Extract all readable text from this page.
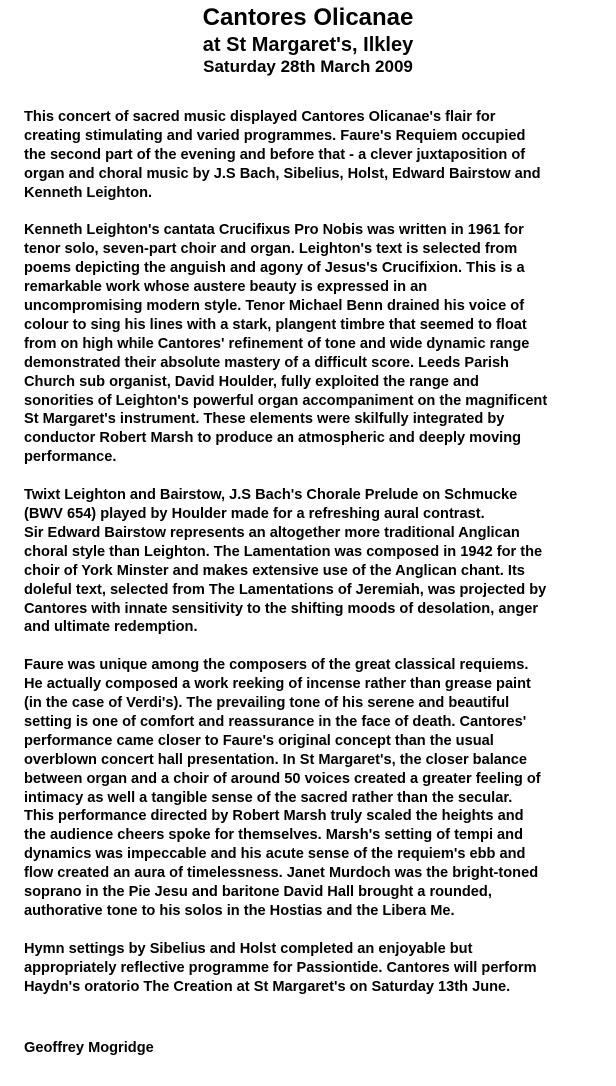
Cantores Olicanae
at St Margaret's, Ilkley
Saturday 28th March 2009

This concert of sacred music displayed Cantores Olicanae's flair for
creating stimulating and varied programmes. Faure's Requiem occupied
the second part of the evening and before that - a clever juxtaposition of
organ and choral music by J.S Bach, Sibelius, Holst, Edward Bairstow and
Kenneth Leighton.

Kenneth Leighton's cantata Crucifixus Pro Nobis was written in 1961 for
tenor solo, seven-part choir and organ. Leighton's text is selected from
poems depicting the anguish and agony of Jesus's Crucifixion. This is a
remarkable work whose austere beauty is expressed in an
uncompromising modern style. Tenor Michael Benn drained his voice of
colour to sing his lines with a stark, plangent timbre that seemed to float
from on high while Cantores' refinement of tone and wide dynamic range
demonstrated their absolute mastery of a difficult score. Leeds Parish
Church sub organist, David Houlder, fully exploited the range and
sonorities of Leighton's powerful organ accompaniment on the magnificent
St Margaret's instrument. These elements were skilfully integrated by
conductor Robert Marsh to produce an atmospheric and deeply moving
performance.

Twixt Leighton and Bairstow, J.S Bach's Chorale Prelude on Schmucke
(BWV 654) played by Houlder made for a refreshing aural contrast.
Sir Edward Bairstow represents an altogether more traditional Anglican
choral style than Leighton. The Lamentation was composed in 1942 for the
choir of York Minster and makes extensive use of the Anglican chant. Its
doleful text, selected from The Lamentations of Jeremiah, was projected by
Cantores with innate sensitivity to the shifting moods of desolation, anger
and ultimate redemption.

Faure was unique among the composers of the great classical requiems.
He actually composed a work reeking of incense rather than grease paint
(in the case of Verdi's). The prevailing tone of his serene and beautiful
setting is one of comfort and reassurance in the face of death. Cantores'
performance came closer to Faure's original concept than the usual
overblown concert hall presentation. In St Margaret's, the closer balance
between organ and a choir of around 50 voices created a greater feeling of
intimacy as well a tangible sense of the sacred rather than the secular.
This performance directed by Robert Marsh truly scaled the heights and
the audience cheers spoke for themselves. Marsh's setting of tempi and
dynamics was impeccable and his acute sense of the requiem's ebb and
flow created an aura of timelessness. Janet Murdoch was the bright-toned
soprano in the Pie Jesu and baritone David Hall brought a rounded,
authorative tone to his solos in the Hostias and the Libera Me.

Hymn settings by Sibelius and Holst completed an enjoyable but
appropriately reflective programme for Passiontide. Cantores will perform
Haydn's oratorio The Creation at St Margaret's on Saturday 13th June.

Geoffrey Mogridge
